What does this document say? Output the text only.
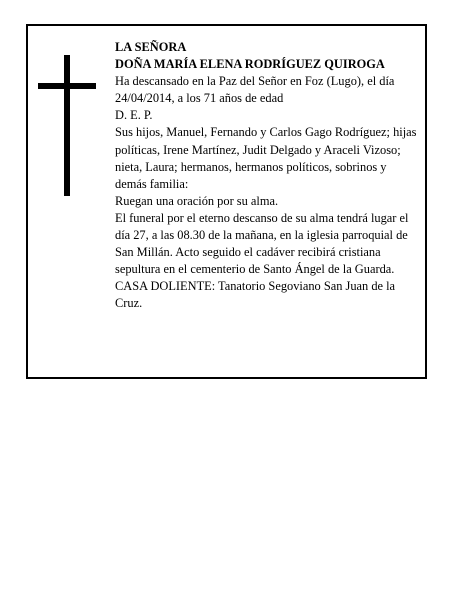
LA SEÑORA

DOÑA MARÍA ELENA RODRÍGUEZ QUIROGA

Ha descansado en la Paz del Señor en Foz (Lugo), el día 24/04/2014, a los 71 años de edad

D. E. P.

Sus hijos, Manuel, Fernando y Carlos Gago Rodríguez; hijas políticas, Irene Martínez, Judit Delgado y Araceli Vizoso; nieta, Laura; hermanos, hermanos políticos, sobrinos y demás familia:

Ruegan una oración por su alma.

El funeral por el eterno descanso de su alma tendrá lugar el día 27, a las 08.30 de la mañana, en la iglesia parroquial de San Millán. Acto seguido el cadáver recibirá cristiana sepultura en el cementerio de Santo Ángel de la Guarda.

CASA DOLIENTE: Tanatorio Segoviano San Juan de la Cruz.
